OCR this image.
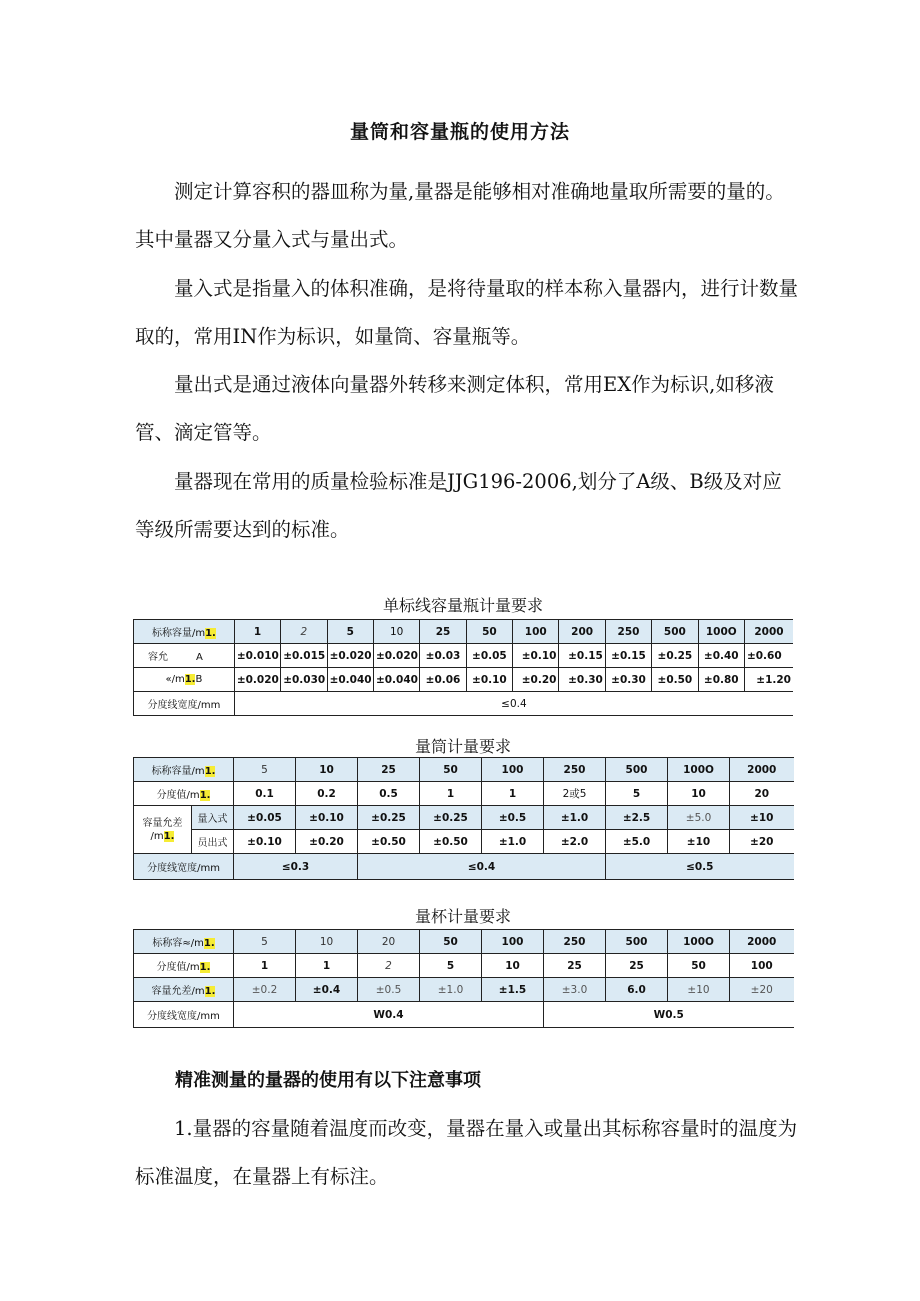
量筒和容量瓶的使用方法

测定计算容积的器皿称为量,量器是能够相对准确地量取所需要的量的。其中量器又分量入式与量出式。

量入式是指量入的体积准确，是将待量取的样本称入量器内，进行计数量取的，常用IN作为标识，如量筒、容量瓶等。

量出式是通过液体向量器外转移来测定体积，常用EX作为标识,如移液管、滴定管等。

量器现在常用的质量检验标准是JJG196-2006,划分了A级、B级及对应等级所需要达到的标准。

单标线容量瓶计量要求
标称容量/m1.	1	2	5	10	25	50	100	200	250	500	100O	2000
容允 A	±0.010	±0.015	±0.020	±0.020	±0.03	±0.05	±0.10	±0.15	±0.15	±0.25	±0.40	±0.60
«/m1.B	±0.020	±0.030	±0.040	±0.040	±0.06	±0.10	±0.20	±0.30	±0.30	±0.50	±0.80	±1.20
分度线宽度/mm	≤0.4											
量筒计量要求
标称容量/m1.		5	10	25	50	100	250	500	100O	2000
分度值/m1.		0.1	0.2	0.5	1	1	2或5	5	10	20
容量允差
/m1.	量入式	±0.05	±0.10	±0.25	±0.25	±0.5	±1.0	±2.5	±5.0	±10
	员出式	±0.10	±0.20	±0.50	±0.50	±1.0	±2.0	±5.0	±10	±20
分度线宽度/mm		≤0.3		≤0.4				≤0.5		
量杯计量要求
标称容≈/m1.	5	10	20	50	100	250	500	100O	2000
分度值/m1.	1	1	2	5	10	25	25	50	100
容量允差/m1.	±0.2	±0.4	±0.5	±1.0	±1.5	±3.0	6.0	±10	±20
分度线宽度/mm	W0.4					W0.5			
精准测量的量器的使用有以下注意事项

1.量器的容量随着温度而改变，量器在量入或量出其标称容量时的温度为标准温度，在量器上有标注。
